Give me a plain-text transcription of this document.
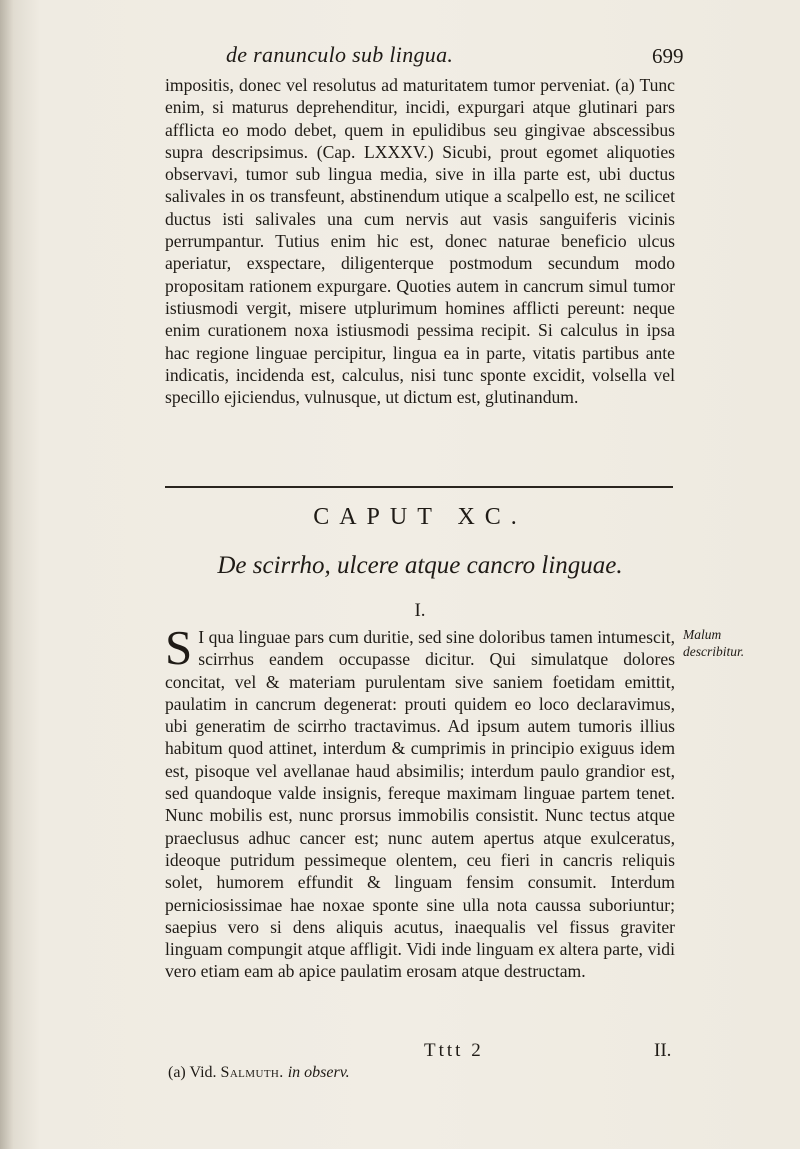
de ranunculo sub lingua.	699

impositis, donec vel resolutus ad maturitatem tumor perveniat. (a) Tunc enim, si maturus deprehenditur, incidi, expurgari atque glutinari pars afflicta eo modo debet, quem in epulidibus seu gingivae abscessibus supra descripsimus. (Cap. LXXXV.) Sicubi, prout egomet aliquoties observavi, tumor sub lingua media, sive in illa parte est, ubi ductus salivales in os transfeunt, abstinendum utique a scalpello est, ne scilicet ductus isti salivales una cum nervis aut vasis sanguiferis vicinis perrumpantur. Tutius enim hic est, donec naturae beneficio ulcus aperiatur, exspectare, diligenterque postmodum secundum modo propositam rationem expurgare. Quoties autem in cancrum simul tumor istiusmodi vergit, misere utplurimum homines afflicti pereunt: neque enim curationem noxa istiusmodi pessima recipit. Si calculus in ipsa hac regione linguae percipitur, lingua ea in parte, vitatis partibus ante indicatis, incidenda est, calculus, nisi tunc sponte excidit, volsella vel specillo ejiciendus, vulnusque, ut dictum est, glutinandum.

CAPUT XC.
De scirrho, ulcere atque cancro linguae.
I.
S I qua linguae pars cum duritie, sed sine doloribus tamen intumescit, scirrhus eandem occupasse dicitur. Qui simulatque dolores concitat, vel & materiam purulentam sive saniem foetidam emittit, paulatim in cancrum degenerat: prouti quidem eo loco declaravimus, ubi generatim de scirrho tractavimus. Ad ipsum autem tumoris illius habitum quod attinet, interdum & cumprimis in principio exiguus idem est, pisoque vel avellanae haud absimilis; interdum paulo grandior est, sed quandoque valde insignis, fereque maximam linguae partem tenet. Nunc mobilis est, nunc prorsus immobilis consistit. Nunc tectus atque praeclusus adhuc cancer est; nunc autem apertus atque exulceratus, ideoque putridum pessimeque olentem, ceu fieri in cancris reliquis solet, humorem effundit & linguam fensim consumit. Interdum perniciosissimae hae noxae sponte sine ulla nota caussa suboriuntur; saepius vero si dens aliquis acutus, inaequalis vel fissus graviter linguam compungit atque affligit. Vidi inde linguam ex altera parte, vidi vero etiam eam ab apice paulatim erosam atque destructam.
Malum describitur.
Tttt 2	II.
(a) Vid. Salmuth. in observ.
